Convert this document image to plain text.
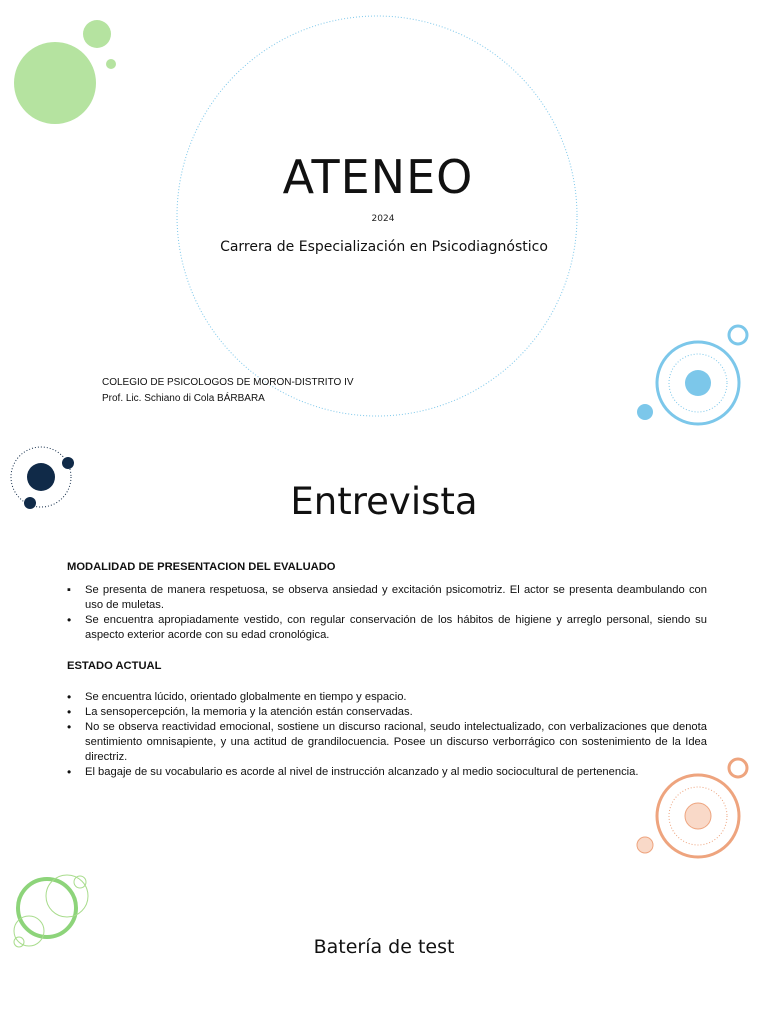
ATENEO
2024
Carrera de Especialización en Psicodiagnóstico
COLEGIO DE PSICOLOGOS DE MORON-DISTRITO IV
Prof. Lic. Schiano di Cola BÁRBARA
Entrevista
MODALIDAD DE PRESENTACION DEL EVALUADO
▪ Se presenta de manera respetuosa, se observa ansiedad y excitación psicomotriz. El actor se presenta deambulando con uso de muletas.
• Se encuentra apropiadamente vestido, con regular conservación de los hábitos de higiene y arreglo personal, siendo su aspecto exterior acorde con su edad cronológica.
ESTADO ACTUAL
• Se encuentra lúcido, orientado globalmente en tiempo y espacio.
• La sensopercepción, la memoria y la atención están conservadas.
• No se observa reactividad emocional, sostiene un discurso racional, seudo intelectualizado, con verbalizaciones que denota sentimiento omnisapiente, y una actitud de grandilocuencia. Posee un discurso verborrágico con sostenimiento de la Idea directriz.
• El bagaje de su vocabulario es acorde al nivel de instrucción alcanzado y al medio sociocultural de pertenencia.
Batería de test
